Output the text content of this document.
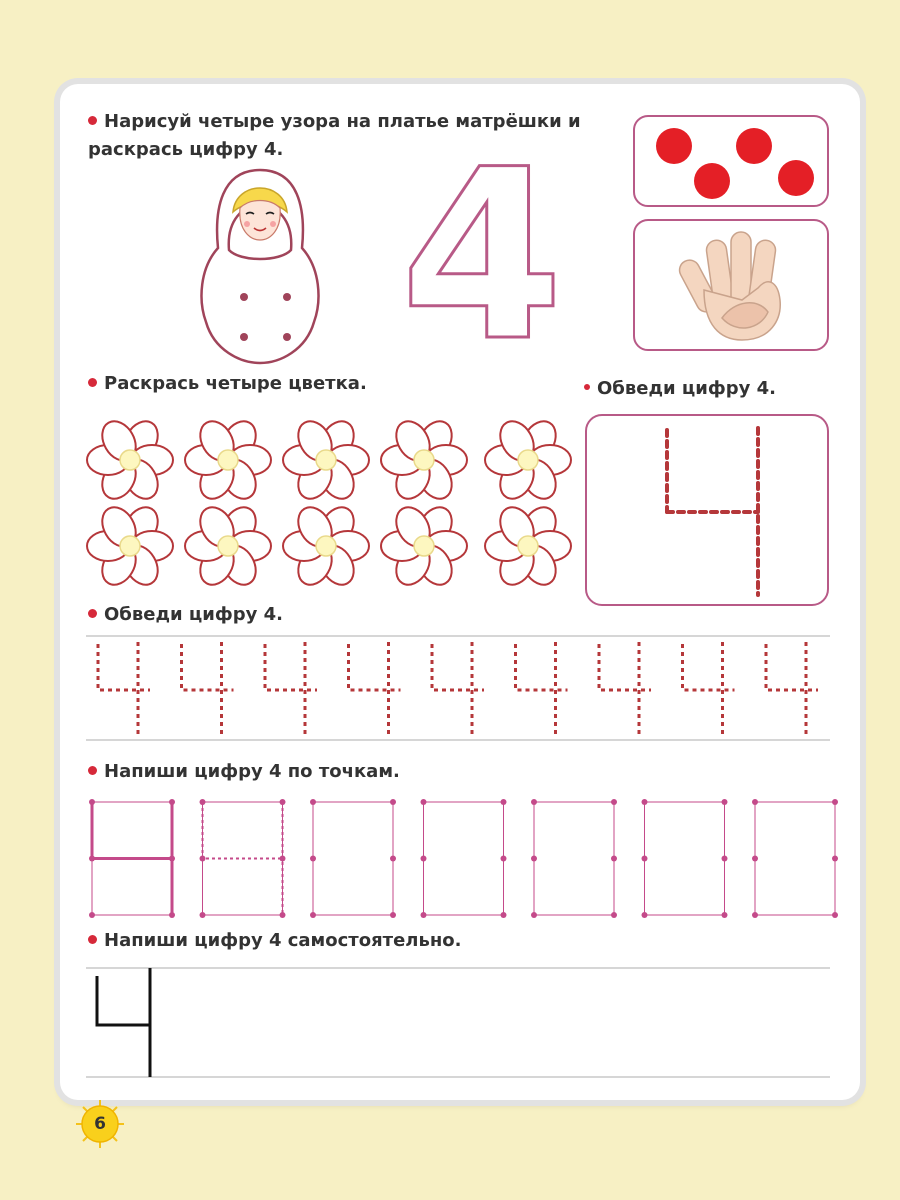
4

Нарисуй четыре узора на платье матрёшки и
раскрась цифру 4.

Раскрась четыре цветка.	Обведи цифру 4.

Обведи цифру 4.

Напиши цифру 4 по точкам.

Напиши цифру 4 самостоятельно.

6
